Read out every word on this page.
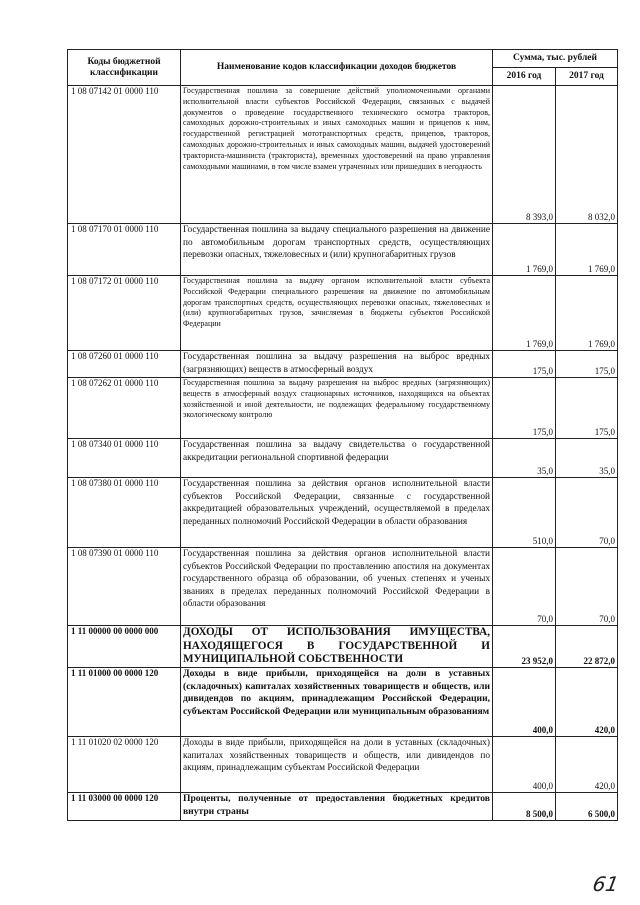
Коды бюджетной классификации	Наименование кодов классификации доходов бюджетов	Сумма, тыс. рублей	
		2016 год	2017 год
1 08 07142 01 0000 110	Государственная пошлина за совершение действий уполномоченными органами исполнительной власти субъектов Российской Федерации, связанных с выдачей документов о проведение государственного технического осмотра тракторов, самоходных дорожно-строительных и иных самоходных машин и прицепов к ним, государственной регистрацией мототранспортных средств, прицепов, тракторов, самоходных дорожно-строительных и иных самоходных машин, выдачей удостоверений тракториста-машиниста (тракториста), временных удостоверений на право управления самоходными машинами, в том числе взамен утраченных или пришедших в негодность	8 393,0	8 032,0
1 08 07170 01 0000 110	Государственная пошлина за выдачу специального разрешения на движение по автомобильным дорогам транспортных средств, осуществляющих перевозки опасных, тяжеловесных и (или) крупногабаритных грузов	1 769,0	1 769,0
1 08 07172 01 0000 110	Государственная пошлина за выдачу органом исполнительной власти субъекта Российской Федерации специального разрешения на движение по автомобильным дорогам транспортных средств, осуществляющих перевозки опасных, тяжеловесных и (или) крупногабаритных грузов, зачисляемая в бюджеты субъектов Российской Федерации	1 769,0	1 769,0
1 08 07260 01 0000 110	Государственная пошлина за выдачу разрешения на выброс вредных (загрязняющих) веществ в атмосферный воздух	175,0	175,0
1 08 07262 01 0000 110	Государственная пошлина за выдачу разрешения на выброс вредных (загрязняющих) веществ в атмосферный воздух стационарных источников, находящихся на объектах хозяйственной и иной деятельности, не подлежащих федеральному государственному экологическому контролю	175,0	175,0
1 08 07340 01 0000 110	Государственная пошлина за выдачу свидетельства о государственной аккредитации региональной спортивной федерации	35,0	35,0
1 08 07380 01 0000 110	Государственная пошлина за действия органов исполнительной власти субъектов Российской Федерации, связанные с государственной аккредитацией образовательных учреждений, осуществляемой в пределах переданных полномочий Российской Федерации в области образования	510,0	70,0
1 08 07390 01 0000 110	Государственная пошлина за действия органов исполнительной власти субъектов Российской Федерации по проставлению апостиля на документах государственного образца об образовании, об ученых степенях и ученых званиях в пределах переданных полномочий Российской Федерации в области образования	70,0	70,0
1 11 00000 00 0000 000	ДОХОДЫ ОТ ИСПОЛЬЗОВАНИЯ ИМУЩЕСТВА, НАХОДЯЩЕГОСЯ В ГОСУДАРСТВЕННОЙ И МУНИЦИПАЛЬНОЙ СОБСТВЕННОСТИ	23 952,0	22 872,0
1 11 01000 00 0000 120	Доходы в виде прибыли, приходящейся на доли в уставных (складочных) капиталах хозяйственных товариществ и обществ, или дивидендов по акциям, принадлежащим Российской Федерации, субъектам Российской Федерации или муниципальным образованиям	400,0	420,0
1 11 01020 02 0000 120	Доходы в виде прибыли, приходящейся на доли в уставных (складочных) капиталах хозяйственных товариществ и обществ, или дивидендов по акциям, принадлежащим субъектам Российской Федерации	400,0	420,0
1 11 03000 00 0000 120	Проценты, полученные от предоставления бюджетных кредитов внутри страны	8 500,0	6 500,0
61
